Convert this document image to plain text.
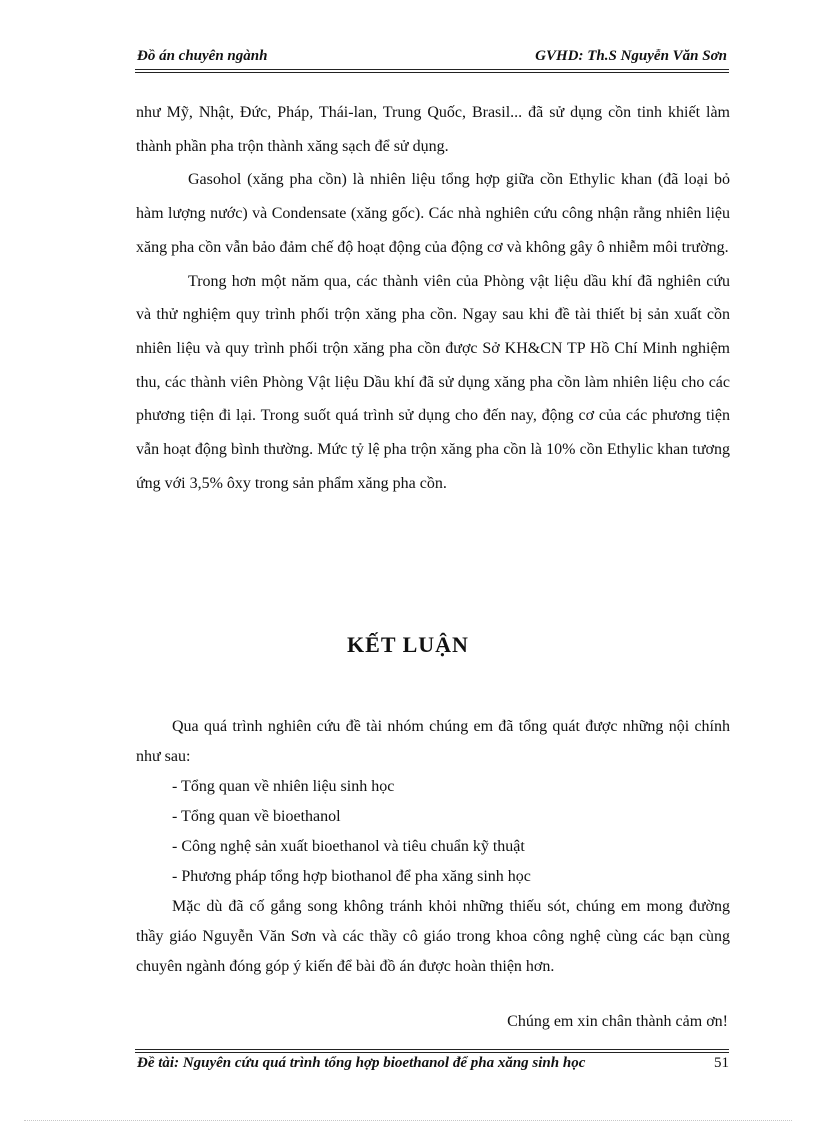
Đồ án chuyên ngành	GVHD: Th.S Nguyễn Văn Sơn

như Mỹ, Nhật, Đức, Pháp, Thái-lan, Trung Quốc, Brasil... đã sử dụng cồn tinh khiết làm thành phần pha trộn thành xăng sạch để sử dụng.

Gasohol (xăng pha cồn) là nhiên liệu tổng hợp giữa cồn Ethylic khan (đã loại bỏ hàm lượng nước) và Condensate (xăng gốc). Các nhà nghiên cứu công nhận rằng nhiên liệu xăng pha cồn vẫn bảo đảm chế độ hoạt động của động cơ và không gây ô nhiễm môi trường.

Trong hơn một năm qua, các thành viên của Phòng vật liệu dầu khí đã nghiên cứu và thử nghiệm quy trình phối trộn xăng pha cồn. Ngay sau khi đề tài thiết bị sản xuất cồn nhiên liệu và quy trình phối trộn xăng pha cồn được Sở KH&CN TP Hồ Chí Minh nghiệm thu, các thành viên Phòng Vật liệu Dầu khí đã sử dụng xăng pha cồn làm nhiên liệu cho các phương tiện đi lại. Trong suốt quá trình sử dụng cho đến nay, động cơ của các phương tiện vẫn hoạt động bình thường. Mức tỷ lệ pha trộn xăng pha cồn là 10% cồn Ethylic khan tương ứng với 3,5% ôxy trong sản phẩm xăng pha cồn.

KẾT LUẬN

Qua quá trình nghiên cứu đề tài nhóm chúng em đã tổng quát được những nội chính như sau:

- Tổng quan về nhiên liệu sinh học

- Tổng quan về bioethanol

- Công nghệ sản xuất bioethanol và tiêu chuẩn kỹ thuật

- Phương pháp tổng hợp biothanol để pha xăng sinh học

Mặc dù đã cố gắng song không tránh khỏi những thiếu sót, chúng em mong đường thầy giáo Nguyễn Văn Sơn và các thầy cô giáo trong khoa công nghệ cùng các bạn cùng chuyên ngành đóng góp ý kiến để bài đồ án được hoàn thiện hơn.

Chúng em xin chân thành cảm ơn!
Đề tài: Nguyên cứu quá trình tổng hợp bioethanol để pha xăng sinh học	51
